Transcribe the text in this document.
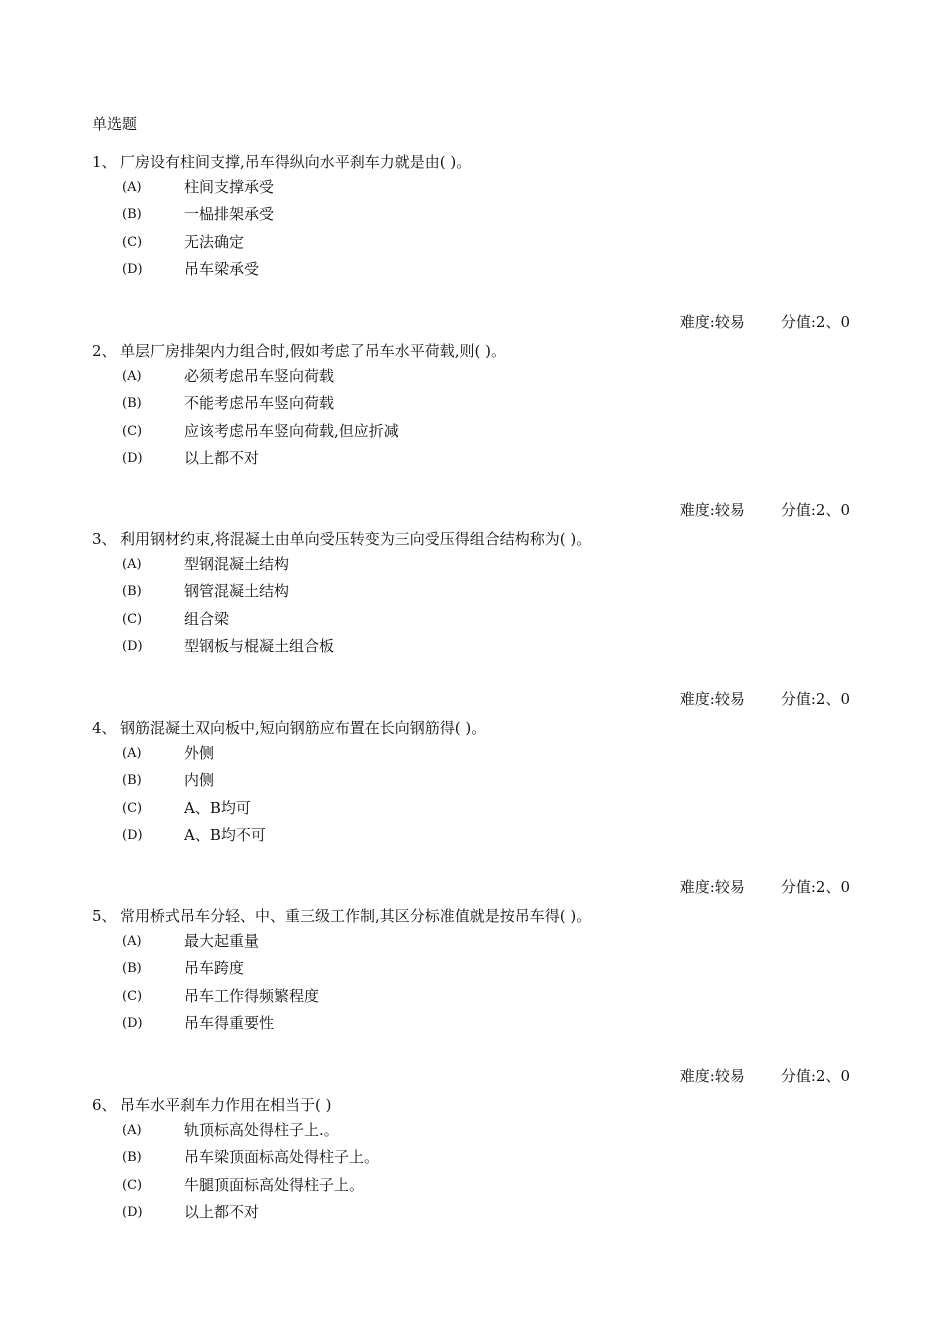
单选题
1、 厂房设有柱间支撑,吊车得纵向水平刹车力就是由( )。
(A)	柱间支撑承受
(B)	一榀排架承受
(C)	无法确定
(D)	吊车梁承受
难度:较易 分值:2、0
2、 单层厂房排架内力组合时,假如考虑了吊车水平荷载,则( )。
(A)	必须考虑吊车竖向荷载
(B)	不能考虑吊车竖向荷载
(C)	应该考虑吊车竖向荷载,但应折减
(D)	以上都不对
难度:较易 分值:2、0
3、 利用钢材约束,将混凝土由单向受压转变为三向受压得组合结构称为( )。
(A)	型钢混凝土结构
(B)	钢管混凝土结构
(C)	组合梁
(D)	型钢板与棍凝土组合板
难度:较易 分值:2、0
4、 钢筋混凝土双向板中,短向钢筋应布置在长向钢筋得( )。
(A)	外侧
(B)	内侧
(C)	A、B均可
(D)	A、B均不可
难度:较易 分值:2、0
5、 常用桥式吊车分轻、中、重三级工作制,其区分标准值就是按吊车得( )。
(A)	最大起重量
(B)	吊车跨度
(C)	吊车工作得频繁程度
(D)	吊车得重要性
难度:较易 分值:2、0
6、 吊车水平刹车力作用在相当于( )
(A)	轨顶标高处得柱子上.。
(B)	吊车梁顶面标高处得柱子上。
(C)	牛腿顶面标高处得柱子上。
(D)	以上都不对
